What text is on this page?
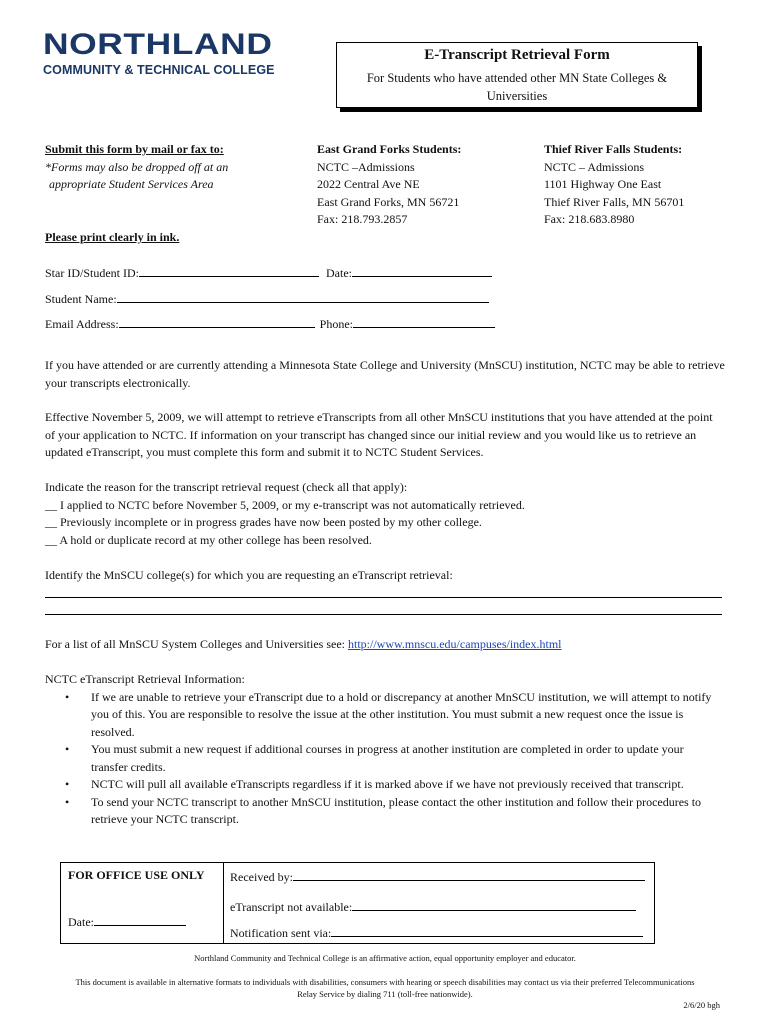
NORTHLAND
COMMUNITY & TECHNICAL COLLEGE
E-Transcript Retrieval Form
For Students who have attended other MN State Colleges & Universities
Submit this form by mail or fax to:
*Forms may also be dropped off at an
appropriate Student Services Area
East Grand Forks Students:
NCTC –Admissions
2022 Central Ave NE
East Grand Forks, MN 56721
Fax: 218.793.2857
Thief River Falls Students:
NCTC – Admissions
1101 Highway One East
Thief River Falls, MN 56701
Fax: 218.683.8980
Please print clearly in ink.
Star ID/Student ID:	Date:
Student Name:
Email Address:	Phone:
If you have attended or are currently attending a Minnesota State College and University (MnSCU) institution, NCTC may be able to retrieve your transcripts electronically.
Effective November 5, 2009, we will attempt to retrieve eTranscripts from all other MnSCU institutions that you have attended at the point of your application to NCTC. If information on your transcript has changed since our initial review and you would like us to retrieve an updated eTranscript, you must complete this form and submit it to NCTC Student Services.
Indicate the reason for the transcript retrieval request (check all that apply):
__ I applied to NCTC before November 5, 2009, or my e-transcript was not automatically retrieved.
__ Previously incomplete or in progress grades have now been posted by my other college.
__ A hold or duplicate record at my other college has been resolved.
Identify the MnSCU college(s) for which you are requesting an eTranscript retrieval:
For a list of all MnSCU System Colleges and Universities see: http://www.mnscu.edu/campuses/index.html
NCTC eTranscript Retrieval Information:
• If we are unable to retrieve your eTranscript due to a hold or discrepancy at another MnSCU institution, we will attempt to notify you of this. You are responsible to resolve the issue at the other institution. You must submit a new request once the issue is resolved.
• You must submit a new request if additional courses in progress at another institution are completed in order to update your transfer credits.
• NCTC will pull all available eTranscripts regardless if it is marked above if we have not previously received that transcript.
• To send your NCTC transcript to another MnSCU institution, please contact the other institution and follow their procedures to retrieve your NCTC transcript.
FOR OFFICE USE ONLY
Date:

Received by:
eTranscript not available:
Notification sent via:
Northland Community and Technical College is an affirmative action, equal opportunity employer and educator.
This document is available in alternative formats to individuals with disabilities, consumers with hearing or speech disabilities may contact us via their preferred Telecommunications
Relay Service by dialing 711 (toll-free nationwide).
2/6/20 bgh
